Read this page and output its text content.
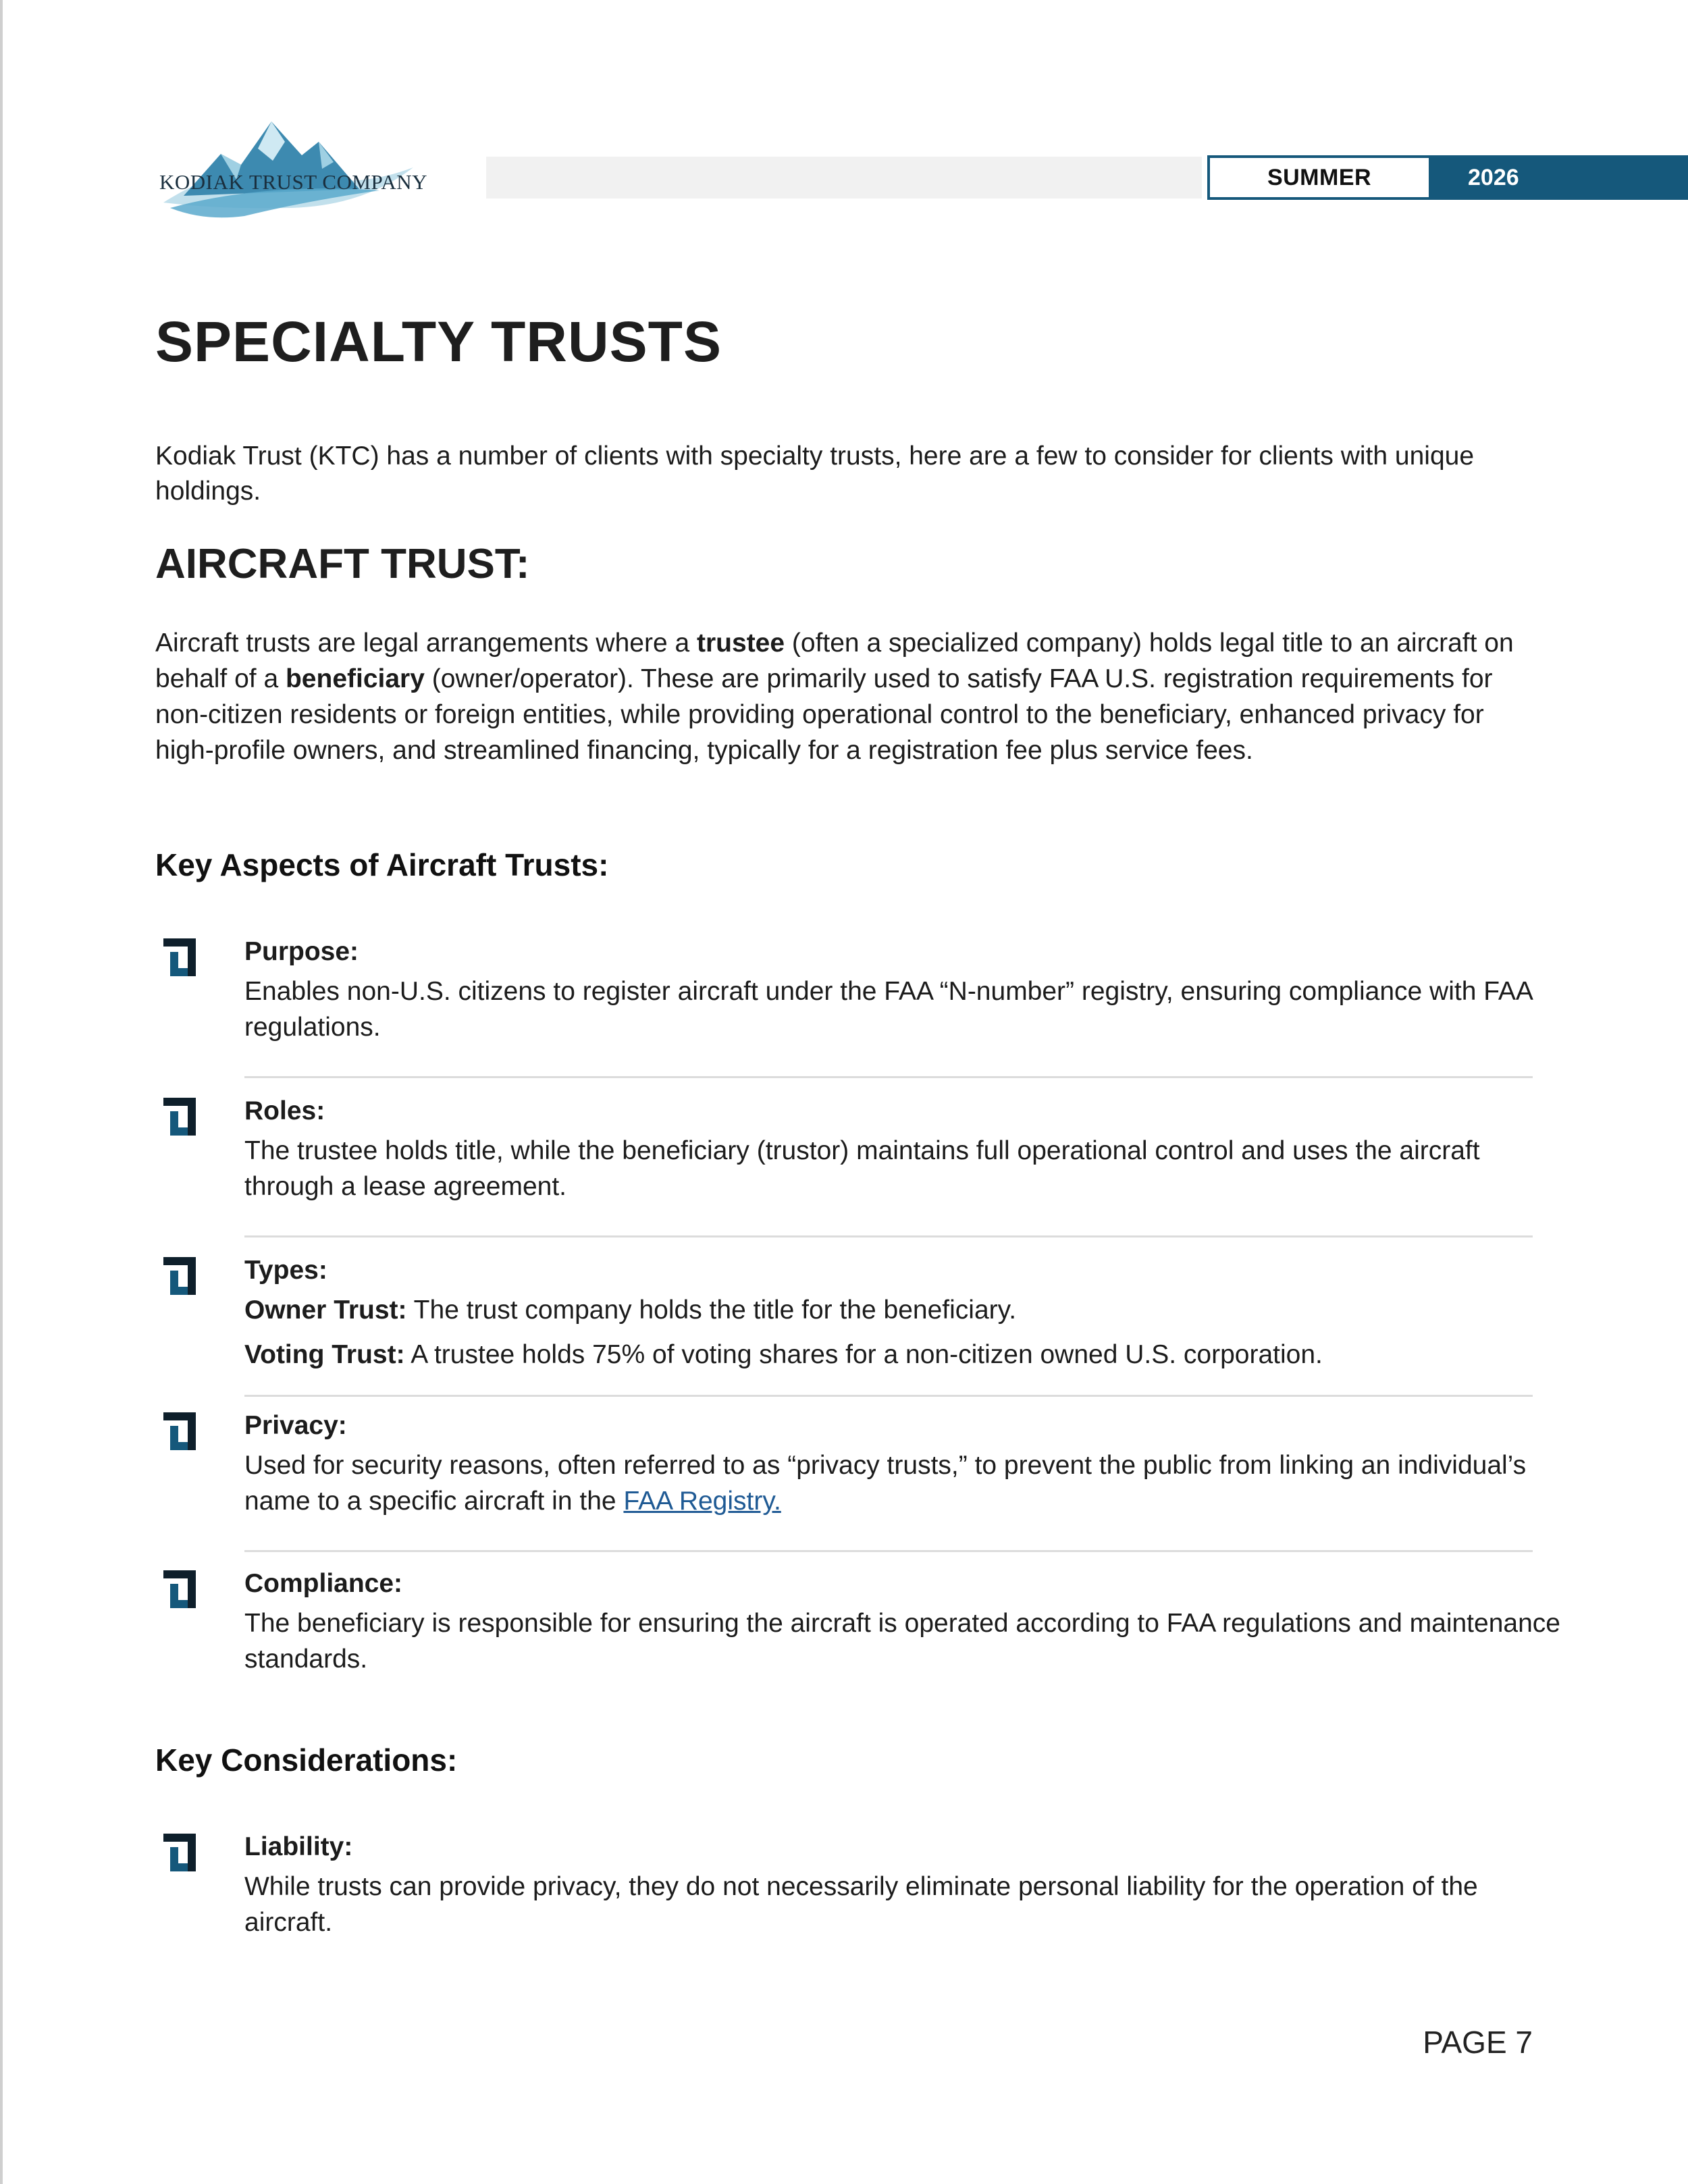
KODIAK TRUST COMPANY	SUMMER	2026
SPECIALTY TRUSTS

Kodiak Trust (KTC) has a number of clients with specialty trusts, here are a few to consider for clients with unique holdings.

AIRCRAFT TRUST:

Aircraft trusts are legal arrangements where a trustee (often a specialized company) holds legal title to an aircraft on behalf of a beneficiary (owner/operator). These are primarily used to satisfy FAA U.S. registration requirements for non-citizen residents or foreign entities, while providing operational control to the beneficiary, enhanced privacy for high-profile owners, and streamlined financing, typically for a registration fee plus service fees.

Key Aspects of Aircraft Trusts:

Purpose:

Enables non-U.S. citizens to register aircraft under the FAA “N-number” registry, ensuring compliance with FAA regulations.

Roles:

The trustee holds title, while the beneficiary (trustor) maintains full operational control and uses the aircraft through a lease agreement.

Types:

Owner Trust: The trust company holds the title for the beneficiary.

Voting Trust: A trustee holds 75% of voting shares for a non-citizen owned U.S. corporation.

Privacy:

Used for security reasons, often referred to as “privacy trusts,” to prevent the public from linking an individual’s name to a specific aircraft in the FAA Registry.

Compliance:

The beneficiary is responsible for ensuring the aircraft is operated according to FAA regulations and maintenance standards.

Key Considerations:

Liability:

While trusts can provide privacy, they do not necessarily eliminate personal liability for the operation of the aircraft.

PAGE 7
